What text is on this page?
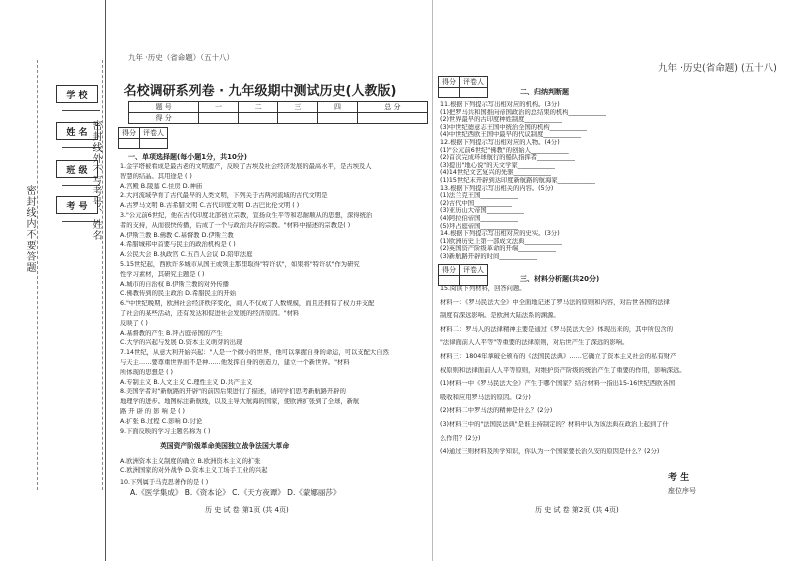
学 校
姓 名
班 级
考 号
密封线内不要答题	密封线外不写考号、姓名
九年 ·历史（省命题）（五十八）
名校调研系列卷 · 九年级期中测试历史(人教版)
题 号	一	二	三	四	总 分
得 分					
得分	评卷人

一、单项选择题(每小题1分，共10分)
1.金字塔被看成是最古老的文明遗产，反映了古埃及社会经济发展的最高水平，是古埃及人
智慧的结晶。其用途是 ( )
A.宫殿 B.陵墓 C.住房 D.神庙
2.大河流域孕育了古代最早的人类文明，下列关于古两河流域的古代文明是
A.古罗马文明 B.古希腊文明 C.古代印度文明 D.古巴比伦文明 ( )
3."公元前6世纪，他在古代印度北部创立宗教，宣扬众生平等和忍耐顺从的思想，深得统治
者的支持，从而很快传播，后成了一个与政治共存的宗教。"材料中描述的宗教是( )
A.伊斯兰教 B.佛教 C.基督教 D.伊斯兰教
4.希腊城邦中首要与民主的政治机构是 ( )
A.公民大会 B.执政官 C.五百人会议 D.陪审法庭
5.15世纪起，西欧许多城市从国王或领主那里取得"特许状"，如果将"特许状"作为研究
性学习素材，其研究主题是 ( )
A.城市的自治权 B.伊斯兰教的对外传播
C.佛教传到的民主政治 D.希腊民主的开始
6."中世纪晚期，欧洲社会经济秩序变化，商人不仅成了人数规模，而且还拥有了权力并支配
了社会的某些活动，还有发达和促进社会发展的经济原因。"材料
反映了 ( )
A.基督教的产生 B.拜占庭帝国的产生
C.大学的兴起与发展 D.资本主义萌芽的出现
7.14世纪，从意大利开始兴起："人是一个微小的世界，他可以掌握自身的命运，可以支配大自然
与天主……要尊重世界而不是神……他发挥自身的创造力，建立一个新世界。"材料
所体现的思想是 ( )
A.专制主义 B.人文主义 C.理性主义 D.共产主义
8.美国学者对"新航路的开辟"的前因后果进行了描述，请同学们思考新航路开辟的
地理学的进步。地图标注新航线，以及主导大航海的国家，使欧洲扩张到了全球，新航
路 开 辟 的 影 响 是 ( )
A.扩张 B.过程 C.影响 D.讨论
9.下面反映的学习主题名称为 ( )
英国资产阶级革命美国独立战争法国大革命
A.欧洲资本主义制度的确立 B.欧洲资本主义的扩张
C.欧洲国家的对外战争 D.资本主义工场手工业的兴起
10.下列属于马克思著作的是 ( )
A.《医学集成》 B.《资本论》 C.《天方夜谭》 D.《蒙娜丽莎》
历 史 试 卷 第1页 (共 4页)
九年 ·历史(省命题) (五十八)
得分	评卷人

二、归纳判断题
11.根据下列提示写出相对应的机构。(3分)
(1)把罗马共和国推向帝国政治的总结果的机构____________
(2)世界最早的古印度种姓制度____________
(3)中世纪德意志王国中统治全国的机构____________
(4)中世纪西欧王国中最早的代议制度____________
12.根据下列提示写出相对应的人物。(4分)
(1)"公元前6世纪"佛教"的创始人____________
(2)首次完成环球航行的船队指挥者____________
(3)提出"地心说"的天文学家____________
(4)14世纪文艺复兴的先驱____________
(1)15世纪末开辟到达印度新航路的航海家____________
13.根据下列提示写出相关的内容。(5分)
(1)法兰克王国____________
(2)古代中国____________
(3)亚历山大帝国____________
(4)阿拉伯帝国____________
(5)拜占庭帝国____________
14.根据下列提示写出相对应的史实。(3分)
(1)欧洲历史上第一部成文法典____________
(2)英国资产阶级革命的开端____________
(3)新航路开辟的时间____________
得分	评卷人

三、材料分析题(共20分)
15.阅读下列材料，回答问题。
材料一：《罗马民法大全》中全面地记述了罗马法的原则和内容，对后世各国的法律
制度有深远影响。是欧洲大陆法系的渊源。
材料二：罗马人的法律精神主要是通过《罗马民法大全》体现出来的，其中所包含的
"法律面前人人平等"等重要的法律原则，对后世产生了深远的影响。
材料三：1804年拿破仑颁布的《法国民法典》……它确立了资本主义社会的私有财产
权原则和法律面前人人平等原则，对维护资产阶级的统治产生了重要的作用，影响深远。
(1)材料一中《罗马民法大全》产生于哪个国家？结合材料一指出15-16世纪西欧各国
吸收和应用罗马法的原因。(2分)
(2)材料二中罗马法的精神是什么？(2分)
(3)材料三中的"法国民法典"是谁主持制定的？材料中认为该法典在政治上起到了什
么作用？(2分)
(4)通过三则材料及所学知识，你认为一个国家要长治久安的原因是什么？(2分)
考 生
座位序号
历 史 试 卷 第2页 (共 4页)
